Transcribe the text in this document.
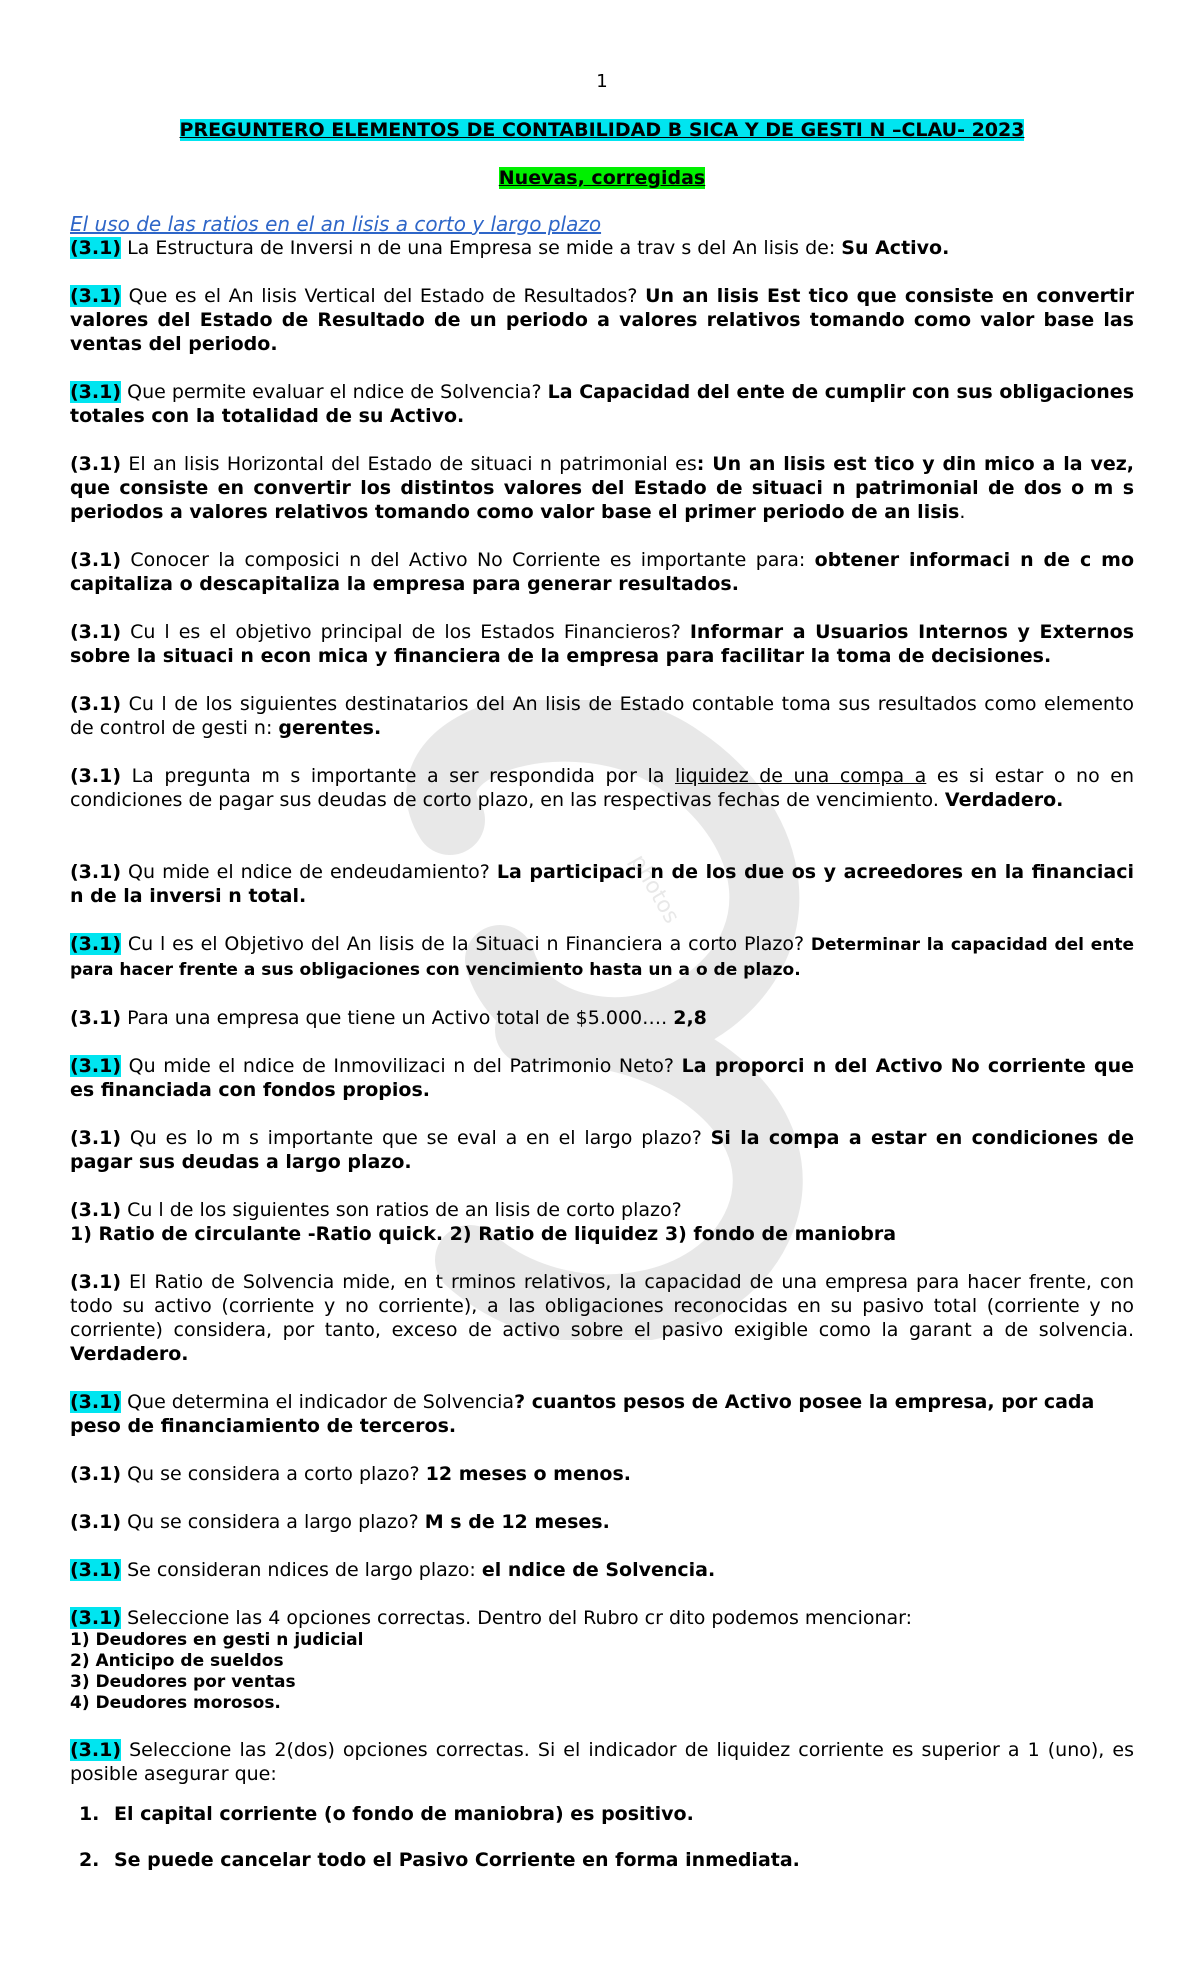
photos
1
PREGUNTERO ELEMENTOS DE CONTABILIDAD B SICA Y DE GESTI N –CLAU- 2023
Nuevas, corregidas
El uso de las ratios en el an lisis a corto y largo plazo

(3.1) La Estructura de Inversi n de una Empresa se mide a trav s del An lisis de: Su Activo.

(3.1) Que es el An lisis Vertical del Estado de Resultados? Un an lisis Est tico que consiste en convertir valores del Estado de Resultado de un periodo a valores relativos tomando como valor base las ventas del periodo.

(3.1) Que permite evaluar el ndice de Solvencia? La Capacidad del ente de cumplir con sus obligaciones totales con la totalidad de su Activo.

(3.1) El an lisis Horizontal del Estado de situaci n patrimonial es: Un an lisis est tico y din mico a la vez, que consiste en convertir los distintos valores del Estado de situaci n patrimonial de dos o m s periodos a valores relativos tomando como valor base el primer periodo de an lisis.

(3.1) Conocer la composici n del Activo No Corriente es importante para: obtener informaci n de c mo capitaliza o descapitaliza la empresa para generar resultados.

(3.1) Cu l es el objetivo principal de los Estados Financieros? Informar a Usuarios Internos y Externos sobre la situaci n econ mica y financiera de la empresa para facilitar la toma de decisiones.

(3.1) Cu l de los siguientes destinatarios del An lisis de Estado contable toma sus resultados como elemento de control de gesti n: gerentes.

(3.1) La pregunta m s importante a ser respondida por la liquidez de una compa a es si estar o no en condiciones de pagar sus deudas de corto plazo, en las respectivas fechas de vencimiento. Verdadero.

(3.1) Qu mide el ndice de endeudamiento? La participaci n de los due os y acreedores en la financiaci n de la inversi n total.

(3.1) Cu l es el Objetivo del An lisis de la Situaci n Financiera a corto Plazo? Determinar la capacidad del ente para hacer frente a sus obligaciones con vencimiento hasta un a o de plazo.

(3.1) Para una empresa que tiene un Activo total de $5.000…. 2,8

(3.1) Qu mide el ndice de Inmovilizaci n del Patrimonio Neto? La proporci n del Activo No corriente que es financiada con fondos propios.

(3.1) Qu es lo m s importante que se eval a en el largo plazo? Si la compa a estar en condiciones de pagar sus deudas a largo plazo.

(3.1) Cu l de los siguientes son ratios de an lisis de corto plazo?
1) Ratio de circulante -Ratio quick. 2) Ratio de liquidez 3) fondo de maniobra

(3.1) El Ratio de Solvencia mide, en t rminos relativos, la capacidad de una empresa para hacer frente, con todo su activo (corriente y no corriente), a las obligaciones reconocidas en su pasivo total (corriente y no corriente) considera, por tanto, exceso de activo sobre el pasivo exigible como la garant a de solvencia. Verdadero.

(3.1) Que determina el indicador de Solvencia? cuantos pesos de Activo posee la empresa, por cada peso de financiamiento de terceros.

(3.1) Qu se considera a corto plazo? 12 meses o menos.

(3.1) Qu se considera a largo plazo? M s de 12 meses.

(3.1) Se consideran ndices de largo plazo: el ndice de Solvencia.

(3.1) Seleccione las 4 opciones correctas. Dentro del Rubro cr dito podemos mencionar:

1) Deudores en gesti n judicial
2) Anticipo de sueldos
3) Deudores por ventas
4) Deudores morosos.

(3.1) Seleccione las 2(dos) opciones correctas. Si el indicador de liquidez corriente es superior a 1 (uno), es posible asegurar que:

1. El capital corriente (o fondo de maniobra) es positivo.
2. Se puede cancelar todo el Pasivo Corriente en forma inmediata.
